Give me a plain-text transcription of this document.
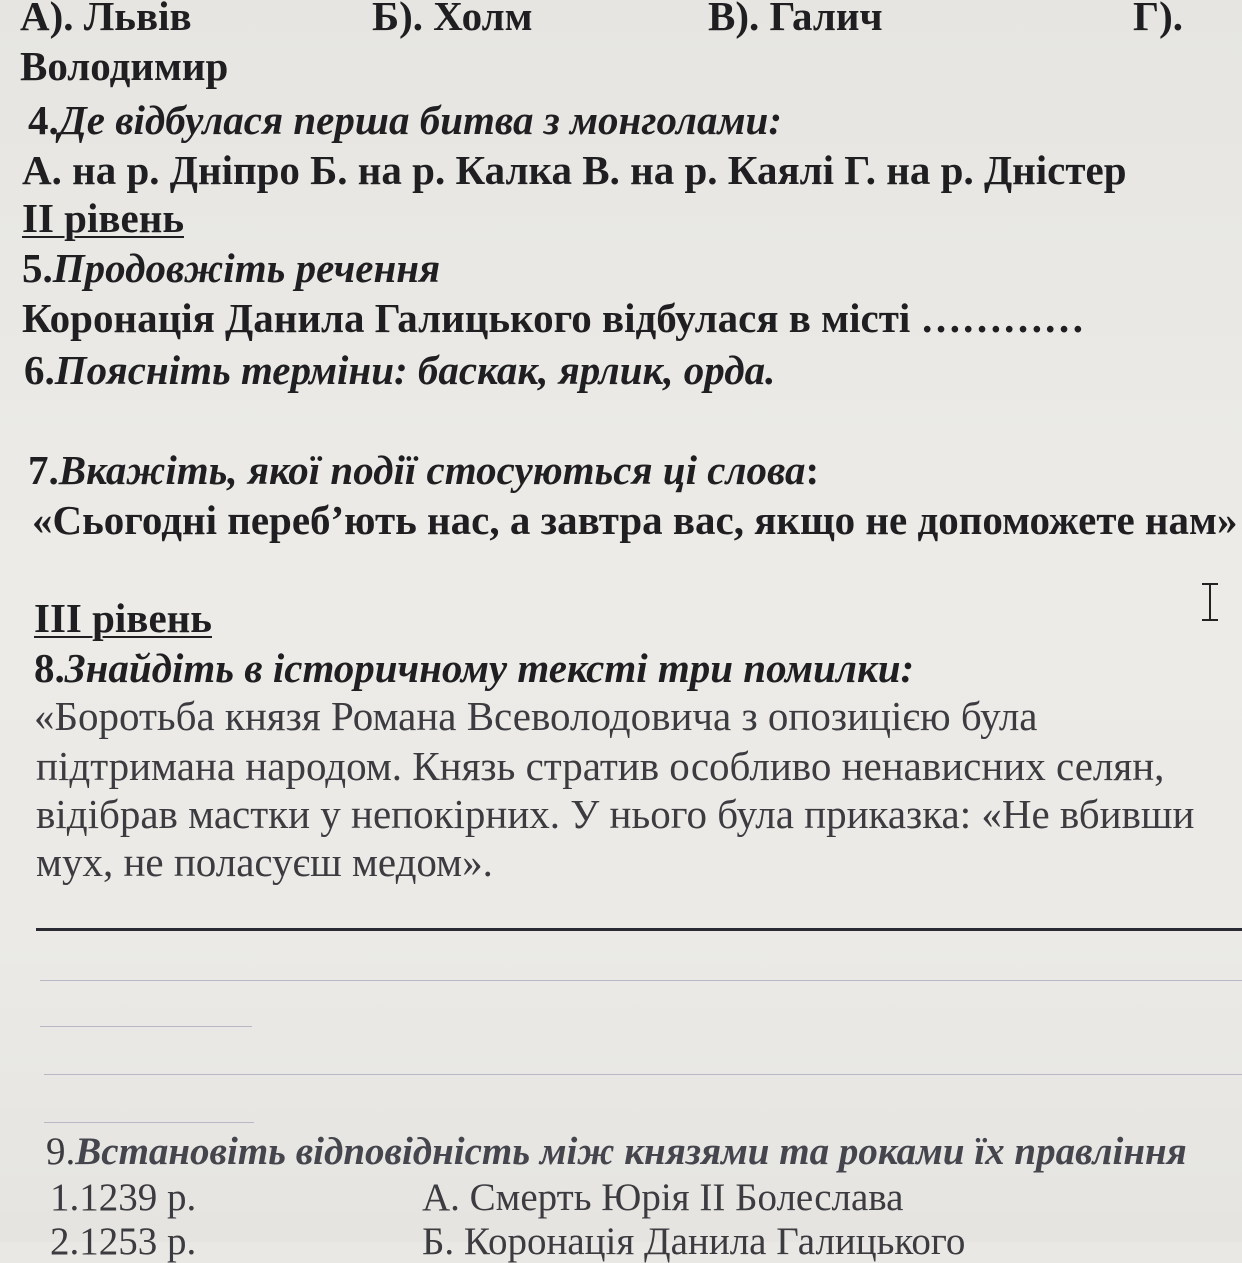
А). Львів	Б). Холм	В). Галич	Г).
Володимир
4.Де відбулася перша битва з монголами:
А. на р. Дніпро Б. на р. Калка В. на р. Каялі Г. на р. Дністер
ІІ рівень
5.Продовжіть речення
Коронація Данила Галицького відбулася в місті …………
6.Поясніть терміни: баскак, ярлик, орда.
7.Вкажіть, якої події стосуються ці слова:
«Сьогодні переб’ють нас, а завтра вас, якщо не допоможете нам»
ІІІ рівень
8.Знайдіть в історичному тексті три помилки:
«Боротьба князя Романа Всеволодовича з опозицією була
підтримана народом. Князь стратив особливо ненависних селян,
відібрав мастки у непокірних. У нього була приказка: «Не вбивши
мух, не поласуєш медом».
9.Встановіть відповідність між князями та роками їх правління
1.1239 р.	А. Смерть Юрія ІІ Болеслава
2.1253 р.	Б. Коронація Данила Галицького
